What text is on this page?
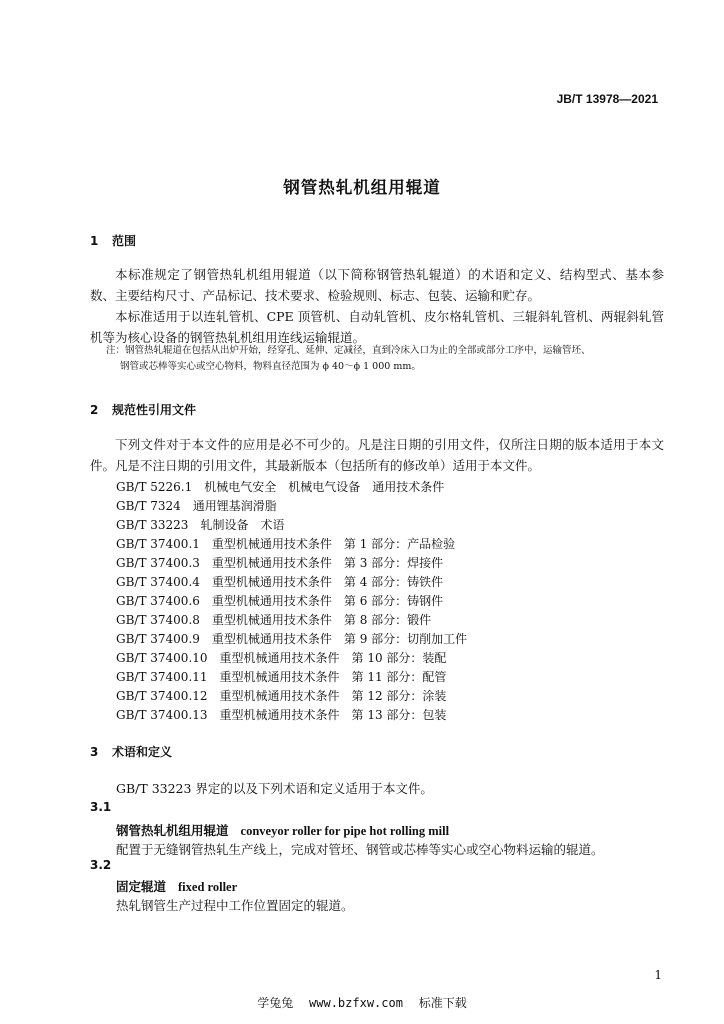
JB/T 13978—2021
钢管热轧机组用辊道
1 范围
本标准规定了钢管热轧机组用辊道（以下简称钢管热轧辊道）的术语和定义、结构型式、基本参数、主要结构尺寸、产品标记、技术要求、检验规则、标志、包装、运输和贮存。
本标准适用于以连轧管机、CPE 顶管机、自动轧管机、皮尔格轧管机、三辊斜轧管机、两辊斜轧管机等为核心设备的钢管热轧机组用连线运输辊道。
注：钢管热轧辊道在包括从出炉开始，经穿孔、延伸、定减径，直到冷床入口为止的全部或部分工序中，运输管坯、
钢管或芯棒等实心或空心物料，物料直径范围为 ϕ 40～ϕ 1 000 mm。
2 规范性引用文件
下列文件对于本文件的应用是必不可少的。凡是注日期的引用文件，仅所注日期的版本适用于本文件。凡是不注日期的引用文件，其最新版本（包括所有的修改单）适用于本文件。
GB/T 5226.1　机械电气安全　机械电气设备　通用技术条件
GB/T 7324　通用锂基润滑脂
GB/T 33223　轧制设备　术语
GB/T 37400.1　重型机械通用技术条件　第 1 部分：产品检验
GB/T 37400.3　重型机械通用技术条件　第 3 部分：焊接件
GB/T 37400.4　重型机械通用技术条件　第 4 部分：铸铁件
GB/T 37400.6　重型机械通用技术条件　第 6 部分：铸钢件
GB/T 37400.8　重型机械通用技术条件　第 8 部分：锻件
GB/T 37400.9　重型机械通用技术条件　第 9 部分：切削加工件
GB/T 37400.10　重型机械通用技术条件　第 10 部分：装配
GB/T 37400.11　重型机械通用技术条件　第 11 部分：配管
GB/T 37400.12　重型机械通用技术条件　第 12 部分：涂装
GB/T 37400.13　重型机械通用技术条件　第 13 部分：包装
3 术语和定义
GB/T 33223 界定的以及下列术语和定义适用于本文件。
3.1
钢管热轧机组用辊道 conveyor roller for pipe hot rolling mill
配置于无缝钢管热轧生产线上，完成对管坯、钢管或芯棒等实心或空心物料运输的辊道。
3.2
固定辊道 fixed roller
热轧钢管生产过程中工作位置固定的辊道。
1
学兔兔 www.bzfxw.com 标准下载
